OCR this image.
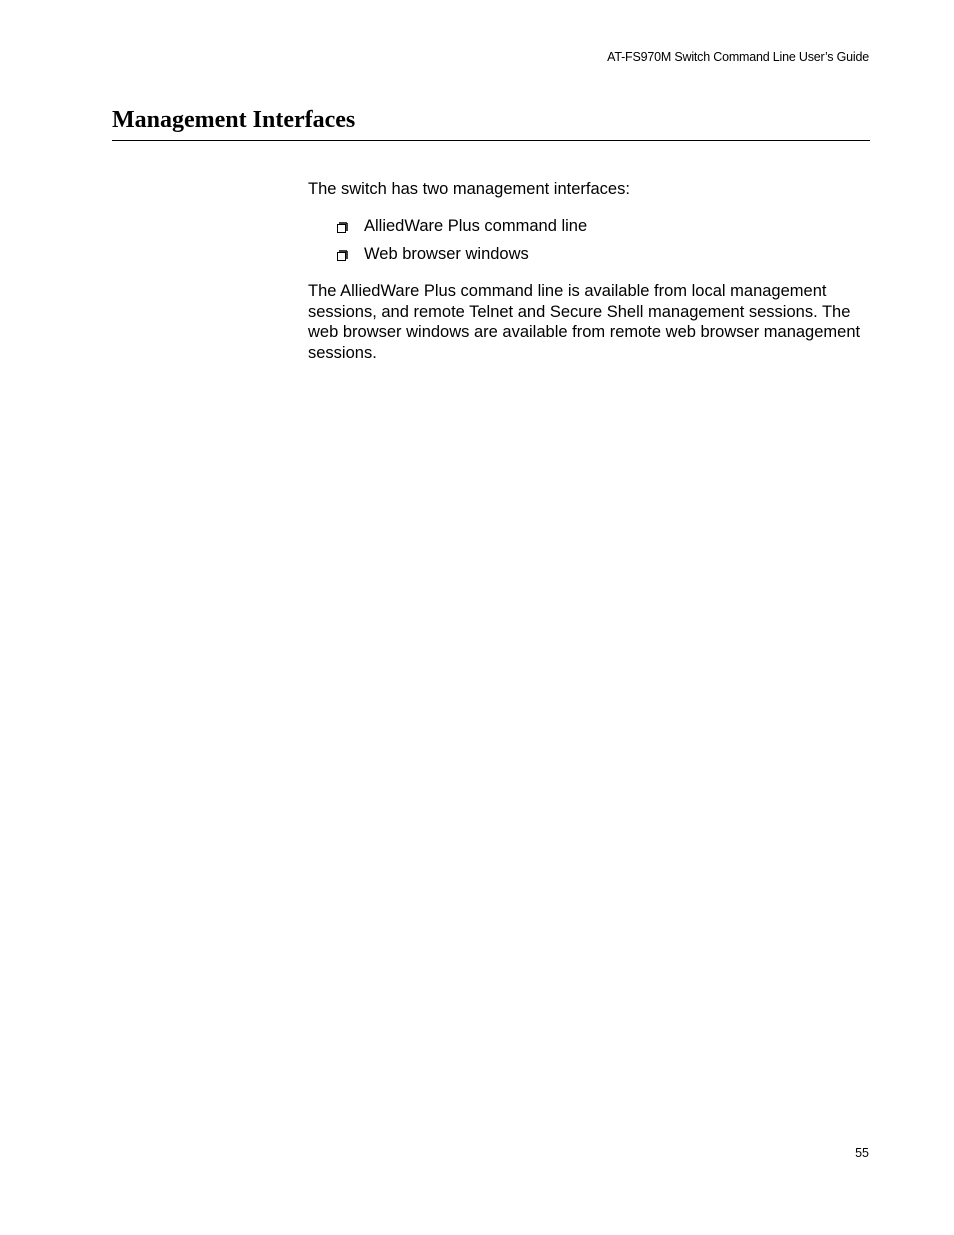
AT-FS970M Switch Command Line User’s Guide
Management Interfaces

The switch has two management interfaces:

AlliedWare Plus command line
Web browser windows

The AlliedWare Plus command line is available from local management sessions, and remote Telnet and Secure Shell management sessions. The web browser windows are available from remote web browser management sessions.

55
